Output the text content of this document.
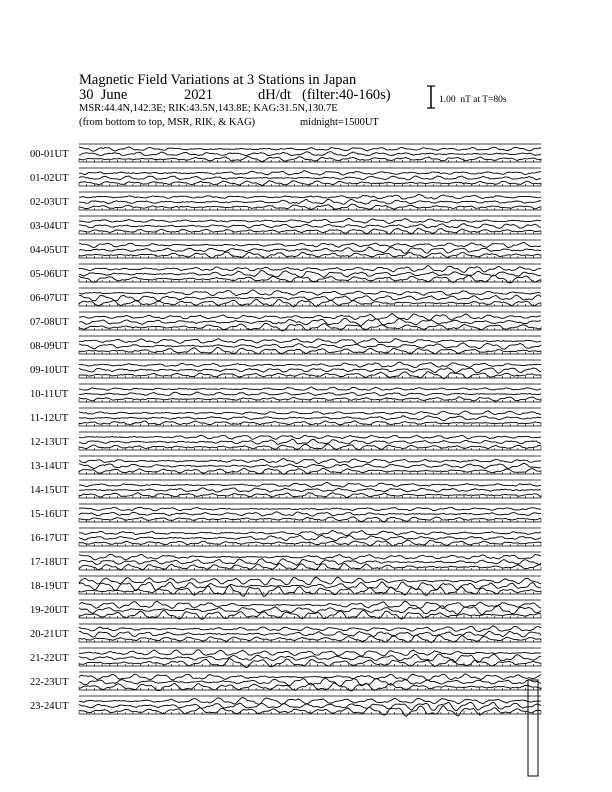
Magnetic Field Variations at 3 Stations in Japan
30  June	2021	dH/dt (filter:40-160s)
MSR:44.4N,142.3E; RIK:43.5N,143.8E; KAG:31.5N,130.7E
(from bottom to top, MSR, RIK, & KAG)	midnight=1500UT
1.00  nT at T=80s
00-01UT
01-02UT
02-03UT
03-04UT
04-05UT
05-06UT
06-07UT
07-08UT
08-09UT
09-10UT
10-11UT
11-12UT
12-13UT
13-14UT
14-15UT
15-16UT
16-17UT
17-18UT
18-19UT
19-20UT
20-21UT
21-22UT
22-23UT
23-24UT
